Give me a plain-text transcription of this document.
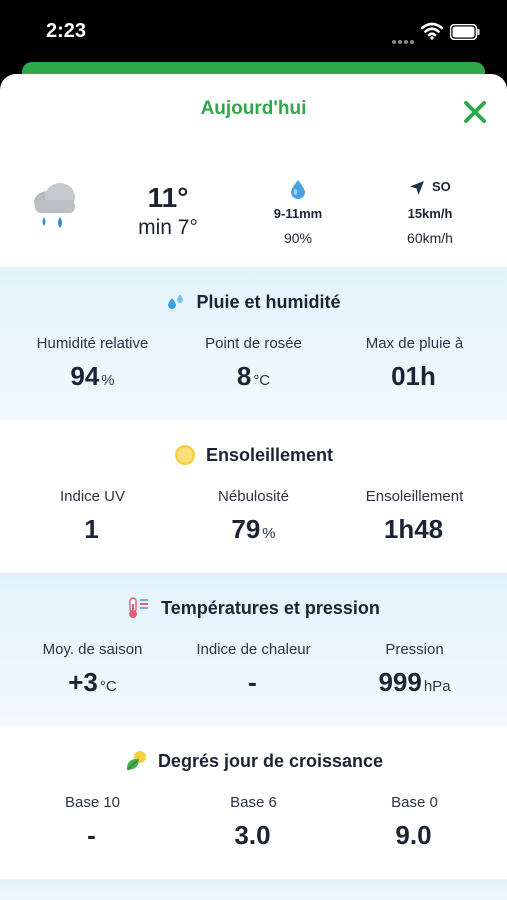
2:23
Aujourd'hui
11°
min 7°
9-11mm
90%
SO
15km/h
60km/h
Pluie et humidité
Humidité relative
94 %
Point de rosée
8 °C
Max de pluie à
01h
Ensoleillement
Indice UV
1
Nébulosité
79 %
Ensoleillement
1h48
Températures et pression
Moy. de saison
+3 °C
Indice de chaleur
-
Pression
999 hPa
Degrés jour de croissance
Base 10
-
Base 6
3.0
Base 0
9.0
